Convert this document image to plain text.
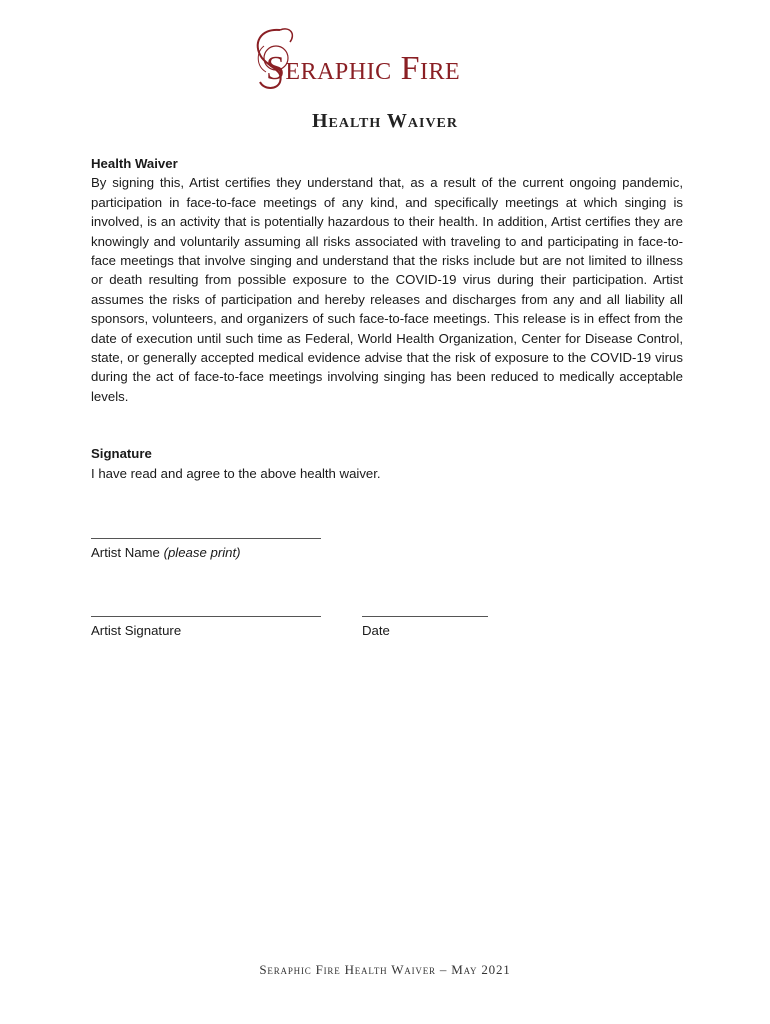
Seraphic Fire
Health Waiver

Health Waiver

By signing this, Artist certifies they understand that, as a result of the current ongoing pandemic, participation in face-to-face meetings of any kind, and specifically meetings at which singing is involved, is an activity that is potentially hazardous to their health. In addition, Artist certifies they are knowingly and voluntarily assuming all risks associated with traveling to and participating in face-to-face meetings that involve singing and understand that the risks include but are not limited to illness or death resulting from possible exposure to the COVID-19 virus during their participation. Artist assumes the risks of participation and hereby releases and discharges from any and all liability all sponsors, volunteers, and organizers of such face-to-face meetings. This release is in effect from the date of execution until such time as Federal, World Health Organization, Center for Disease Control, state, or generally accepted medical evidence advise that the risk of exposure to the COVID-19 virus during the act of face-to-face meetings involving singing has been reduced to medically acceptable levels.

Signature

I have read and agree to the above health waiver.

Artist Name (please print)
Artist Signature	Date
Seraphic Fire Health Waiver – May 2021
